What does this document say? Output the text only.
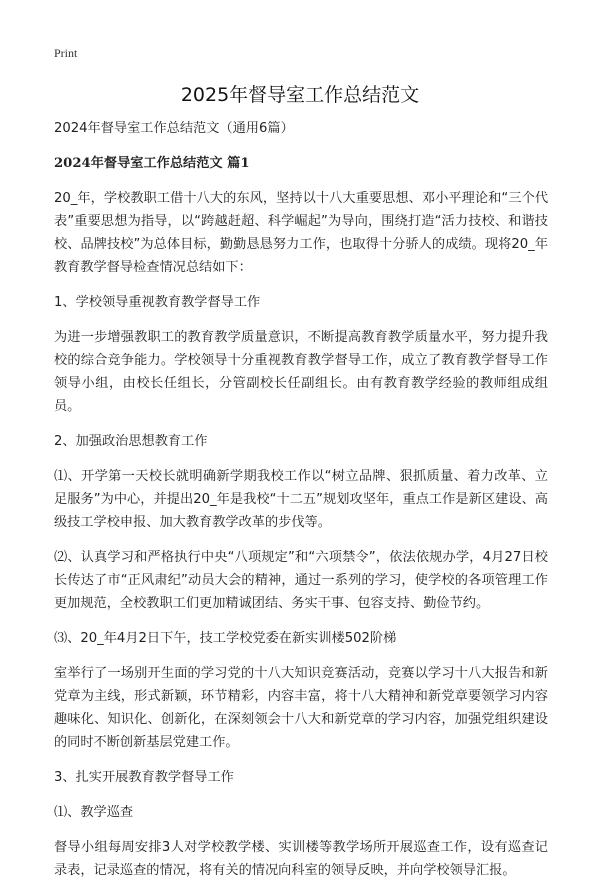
Print
2025年督导室工作总结范文

2024年督导室工作总结范文（通用6篇）

2024年督导室工作总结范文 篇1

20_年，学校教职工借十八大的东风，坚持以十八大重要思想、邓小平理论和“三个代表”重要思想为指导，以“跨越赶超、科学崛起”为导向，围绕打造“活力技校、和谐技校、品牌技校”为总体目标，勤勤恳恳努力工作，也取得十分骄人的成绩。现将20_年教育教学督导检查情况总结如下：

1、学校领导重视教育教学督导工作

为进一步增强教职工的教育教学质量意识，不断提高教育教学质量水平，努力提升我校的综合竞争能力。学校领导十分重视教育教学督导工作，成立了教育教学督导工作领导小组，由校长任组长，分管副校长任副组长。由有教育教学经验的教师组成组员。

2、加强政治思想教育工作

⑴、开学第一天校长就明确新学期我校工作以“树立品牌、狠抓质量、着力改革、立足服务”为中心，并提出20_年是我校“十二五”规划攻坚年，重点工作是新区建设、高级技工学校申报、加大教育教学改革的步伐等。

⑵、认真学习和严格执行中央“八项规定”和“六项禁令”，依法依规办学，4月27日校长传达了市“正风肃纪”动员大会的精神，通过一系列的学习，使学校的各项管理工作更加规范，全校教职工们更加精诚团结、务实干事、包容支持、勤俭节约。

⑶、20_年4月2日下午，技工学校党委在新实训楼502阶梯

室举行了一场别开生面的学习党的十八大知识竞赛活动，竞赛以学习十八大报告和新党章为主线，形式新颖，环节精彩，内容丰富，将十八大精神和新党章要领学习内容趣味化、知识化、创新化，在深刻领会十八大和新党章的学习内容，加强党组织建设的同时不断创新基层党建工作。

3、扎实开展教育教学督导工作

⑴、教学巡查

督导小组每周安排3人对学校教学楼、实训楼等教学场所开展巡查工作，设有巡查记录表，记录巡查的情况，将有关的情况向科室的领导反映，并向学校领导汇报。
